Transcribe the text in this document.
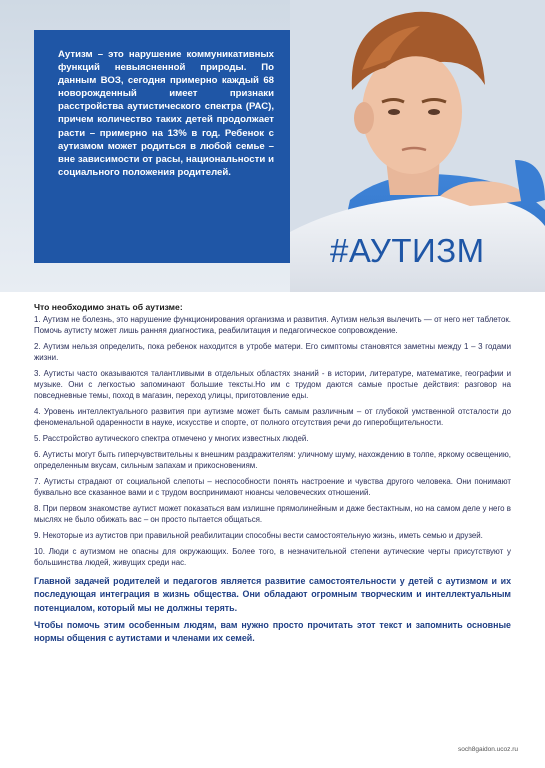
Аутизм – это нарушение коммуникативных функций невыясненной природы. По данным ВОЗ, сегодня примерно каждый 68 новорожденный имеет признаки расстройства аутистического спектра (РАС), причем количество таких детей продолжает расти – примерно на 13% в год. Ребенок с аутизмом может родиться в любой семье – вне зависимости от расы, национальности и социального положения родителей.

#АУТИЗМ

Что необходимо знать об аутизме:

1. Аутизм не болезнь, это нарушение функционирования организма и развития. Аутизм нельзя вылечить — от него нет таблеток. Помочь аутисту может лишь ранняя диагностика, реабилитация и педагогическое сопровождение.

2. Аутизм нельзя определить, пока ребенок находится в утробе матери. Его симптомы становятся заметны между 1 – 3 годами жизни.

3. Аутисты часто оказываются талантливыми в отдельных областях знаний - в истории, литературе, математике, географии и музыке. Они с легкостью запоминают большие тексты.Но им с трудом даются самые простые действия: разговор на повседневные темы, поход в магазин, переход улицы, приготовление еды.

4. Уровень интеллектуального развития при аутизме может быть самым различным – от глубокой умственной отсталости до феноменальной одаренности в науке, искусстве и спорте, от полного отсутствия речи до гиперобщительности.

5. Расстройство аутического спектра отмечено у многих известных людей.

6. Аутисты могут быть гиперчувствительны к внешним раздражителям: уличному шуму, нахождению в толпе, яркому освещению, определенным вкусам, сильным запахам и прикосновениям.

7. Аутисты страдают от социальной слепоты – неспособности понять настроение и чувства другого человека. Они понимают буквально все сказанное вами и с трудом воспринимают нюансы человеческих отношений.

8. При первом знакомстве аутист может показаться вам излишне прямолинейным и даже бестактным, но на самом деле у него в мыслях не было обижать вас – он просто пытается общаться.

9. Некоторые из аутистов при правильной реабилитации способны вести самостоятельную жизнь, иметь семью и друзей.

10. Люди с аутизмом не опасны для окружающих. Более того, в незначительной степени аутические черты присутствуют у большинства людей, живущих среди нас.

Главной задачей родителей и педагогов является развитие самостоятельности у детей с аутизмом и их последующая интеграция в жизнь общества. Они обладают огромным творческим и интеллектуальным потенциалом, который мы не должны терять.

Чтобы помочь этим особенным людям, вам нужно просто прочитать этот текст и запомнить основные нормы общения с аутистами и членами их семей.

soch8gaidon.ucoz.ru
